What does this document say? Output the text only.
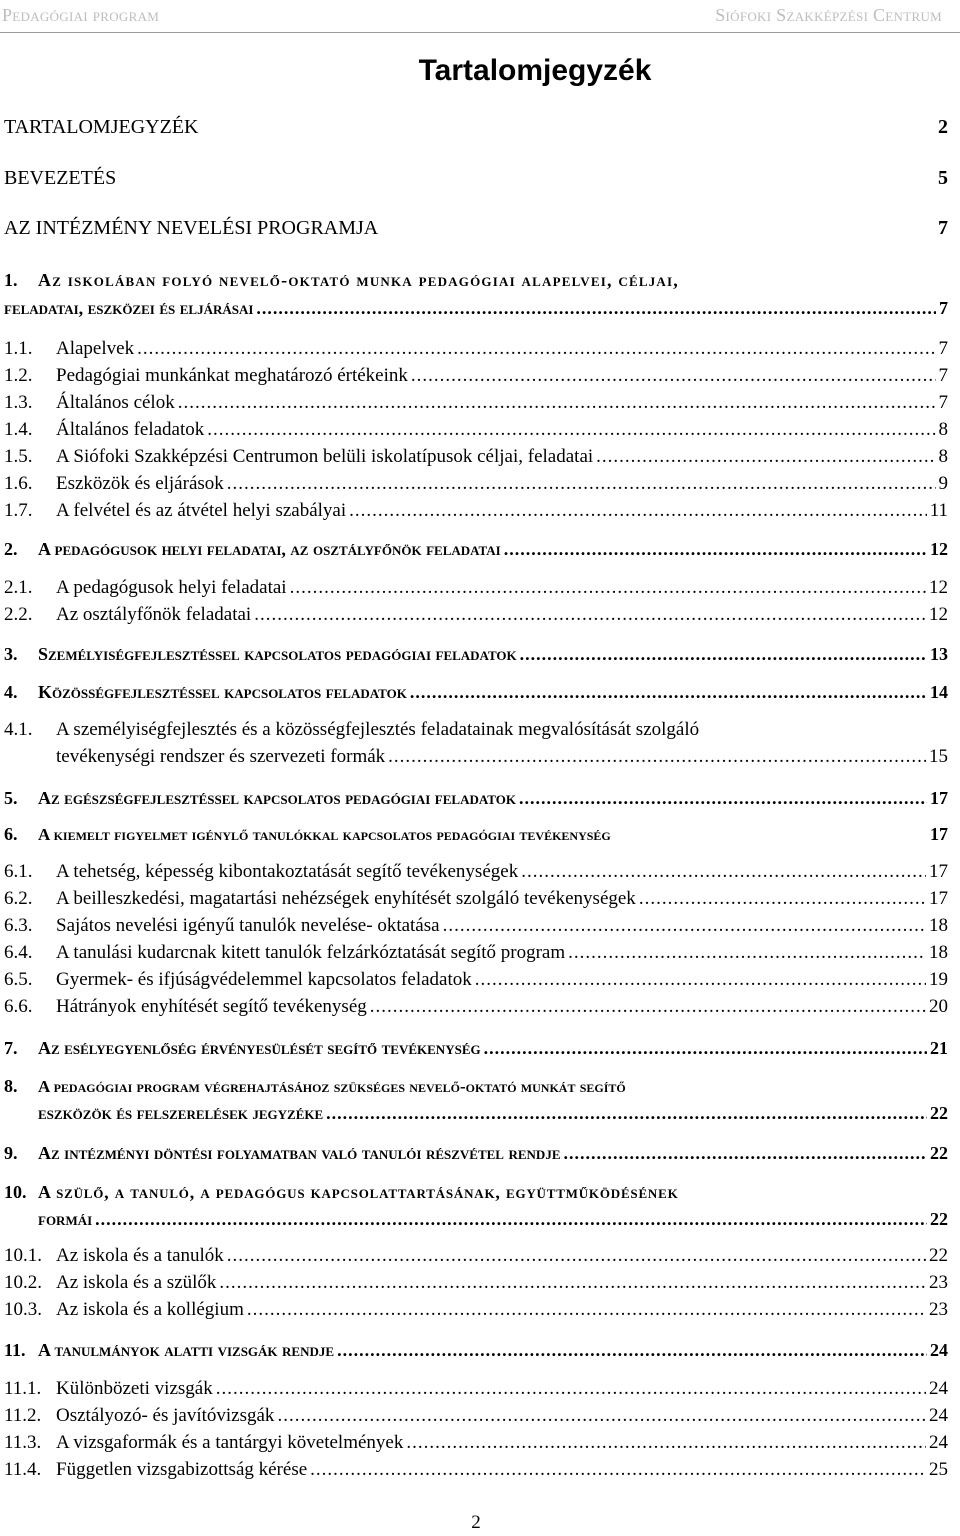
Pedagógiai program	Siófoki Szakképzési Centrum
Tartalomjegyzék
TARTALOMJEGYZÉK	2
BEVEZETÉS	5
AZ INTÉZMÉNY NEVELÉSI PROGRAMJA	7
1.	Az iskolában folyó nevelő-oktató munka pedagógiai alapelvei, céljai,
feladatai, eszközei és eljárásai .....	7
1.1.	Alapelvek .....	7
1.2.	Pedagógiai munkánkat meghatározó értékeink .....	7
1.3.	Általános célok .....	7
1.4.	Általános feladatok .....	8
1.5.	A Siófoki Szakképzési Centrumon belüli iskolatípusok céljai, feladatai .....	8
1.6.	Eszközök és eljárások .....	9
1.7.	A felvétel és az átvétel helyi szabályai .....	11
2.	A pedagógusok helyi feladatai, az osztályfőnök feladatai .....	12
2.1.	A pedagógusok helyi feladatai .....	12
2.2.	Az osztályfőnök feladatai .....	12
3.	Személyiségfejlesztéssel kapcsolatos pedagógiai feladatok .....	13
4.	Közösségfejlesztéssel kapcsolatos feladatok .....	14
4.1.	A személyiségfejlesztés és a közösségfejlesztés feladatainak megvalósítását szolgáló
tevékenységi rendszer és szervezeti formák .....	15
5.	Az egészségfejlesztéssel kapcsolatos pedagógiai feladatok .....	17
6.	A kiemelt figyelmet igénylő tanulókkal kapcsolatos pedagógiai tevékenység	17
6.1.	A tehetség, képesség kibontakoztatását segítő tevékenységek .....	17
6.2.	A beilleszkedési, magatartási nehézségek enyhítését szolgáló tevékenységek .....	17
6.3.	Sajátos nevelési igényű tanulók nevelése- oktatása .....	18
6.4.	A tanulási kudarcnak kitett tanulók felzárkóztatását segítő program .....	18
6.5.	Gyermek- és ifjúságvédelemmel kapcsolatos feladatok .....	19
6.6.	Hátrányok enyhítését segítő tevékenység .....	20
7.	Az esélyegyenlőség érvényesülését segítő tevékenység .....	21
8.	A pedagógiai program végrehajtásához szükséges nevelő-oktató munkát segítő
eszközök és felszerelések jegyzéke .....	22
9.	Az intézményi döntési folyamatban való tanulói részvétel rendje .....	22
10. A szülő, a tanuló, a pedagógus kapcsolattartásának, együttműködésének
formái .....	22
10.1. Az iskola és a tanulók .....	22
10.2. Az iskola és a szülők .....	23
10.3. Az iskola és a kollégium .....	23
11. A tanulmányok alatti vizsgák rendje .....	24
11.1. Különbözeti vizsgák .....	24
11.2. Osztályozó- és javítóvizsgák .....	24
11.3. A vizsgaformák és a tantárgyi követelmények .....	24
11.4. Független vizsgabizottság kérése .....	25
2
